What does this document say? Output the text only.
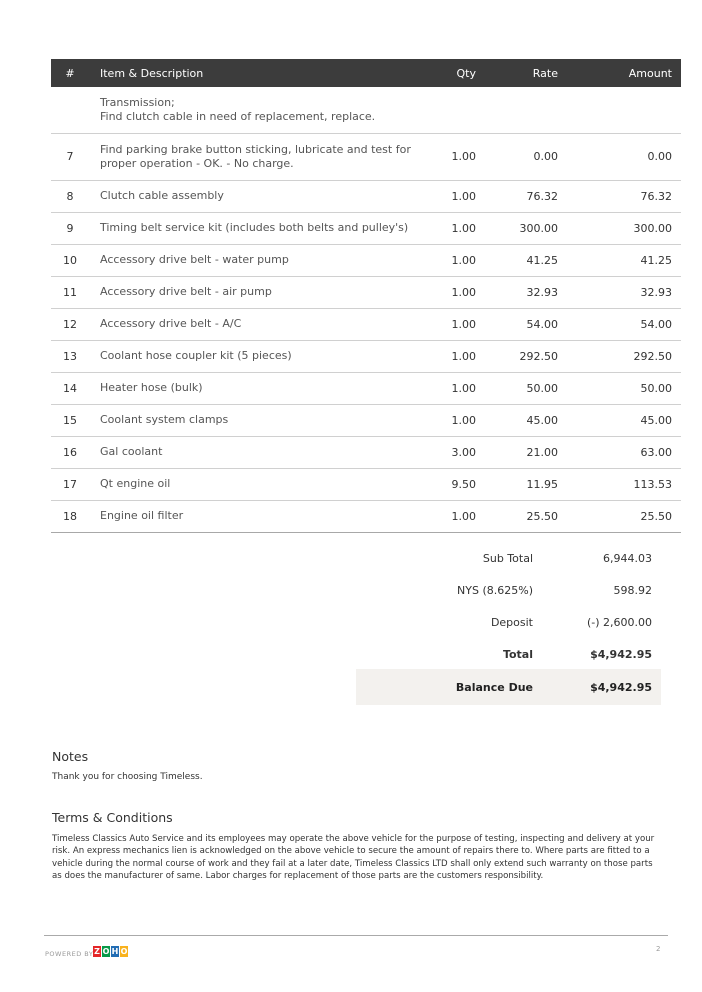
#	Item & Description	Qty	Rate	Amount

	Transmission;
Find clutch cable in need of replacement, replace.			

7	Find parking brake button sticking, lubricate and test for
proper operation - OK. - No charge.	1.00	0.00	0.00
8	Clutch cable assembly	1.00	76.32	76.32
9	Timing belt service kit (includes both belts and pulley's)	1.00	300.00	300.00
10	Accessory drive belt - water pump	1.00	41.25	41.25
11	Accessory drive belt - air pump	1.00	32.93	32.93
12	Accessory drive belt - A/C	1.00	54.00	54.00
13	Coolant hose coupler kit (5 pieces)	1.00	292.50	292.50
14	Heater hose (bulk)	1.00	50.00	50.00
15	Coolant system clamps	1.00	45.00	45.00
16	Gal coolant	3.00	21.00	63.00
17	Qt engine oil	9.50	11.95	113.53
18	Engine oil filter	1.00	25.50	25.50
Sub Total	6,944.03
NYS (8.625%)	598.92
Deposit	(-) 2,600.00
Total	$4,942.95
Balance Due	$4,942.95
Notes
Thank you for choosing Timeless.
Terms & Conditions
Timeless Classics Auto Service and its employees may operate the above vehicle for the purpose of testing, inspecting and delivery at your risk. An express mechanics lien is acknowledged on the above vehicle to secure the amount of repairs there to. Where parts are fitted to a vehicle during the normal course of work and they fail at a later date, Timeless Classics LTD shall only extend such warranty on those parts as does the manufacturer of same. Labor charges for replacement of those parts are the customers responsibility.
POWERED BY Z O H O	2
